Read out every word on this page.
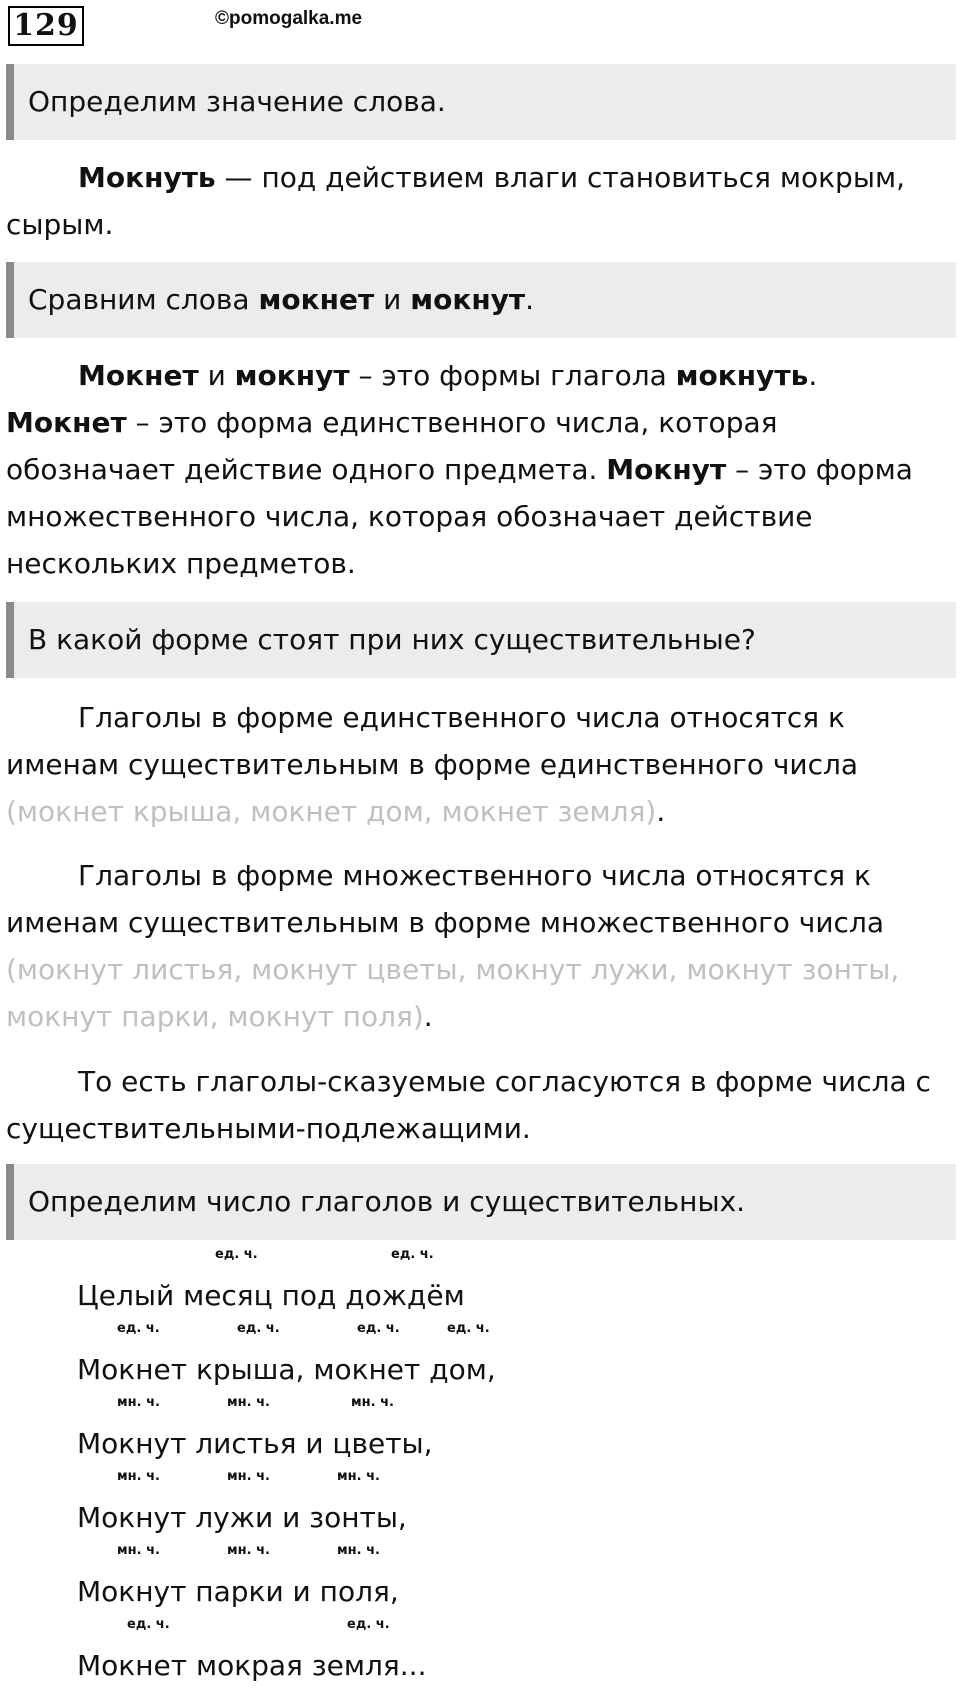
129	©pomogalka.me
Определим значение слова.
Мокнуть — под действием влаги становиться мокрым, сырым.
Сравним слова мокнет и мокнут.
Мокнет и мокнут – это формы глагола мокнуть.Мокнет – это форма единственного числа, которая обозначает действие одного предмета. Мокнут – это форма множественного числа, которая обозначает действие нескольких предметов.
В какой форме стоят при них существительные?
Глаголы в форме единственного числа относятся к именам существительным в форме единственного числа (мокнет крыша, мокнет дом, мокнет земля).
Глаголы в форме множественного числа относятся к именам существительным в форме множественного числа (мокнут листья, мокнут цветы, мокнут лужи, мокнут зонты, мокнут парки, мокнут поля).
То есть глаголы-сказуемые согласуются в форме числа с существительными-подлежащими.
Определим число глаголов и существительных.
ед. ч.	ед. ч.
Целый месяц под дождём
ед. ч.	ед. ч.	ед. ч.	ед. ч.
Мокнет крыша, мокнет дом,
мн. ч.	мн. ч.	мн. ч.
Мокнут листья и цветы,
мн. ч.	мн. ч.	мн. ч.
Мокнут лужи и зонты,
мн. ч.	мн. ч.	мн. ч.
Мокнут парки и поля,
ед. ч.	ед. ч.
Мокнет мокрая земля...
